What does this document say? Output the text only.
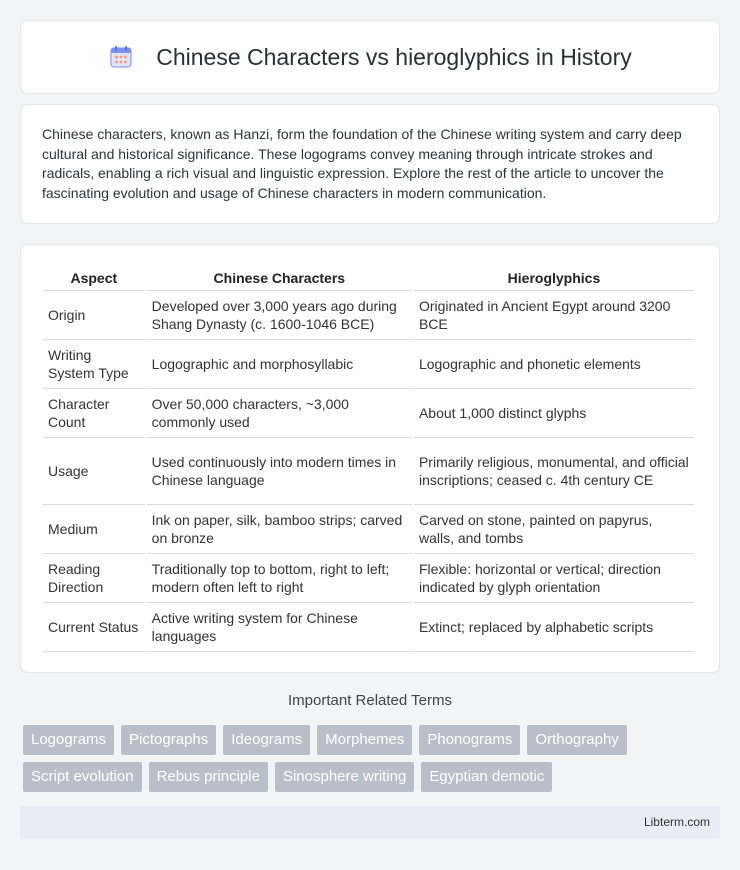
Chinese Characters vs hieroglyphics in History

Chinese characters, known as Hanzi, form the foundation of the Chinese writing system and carry deep cultural and historical significance. These logograms convey meaning through intricate strokes and radicals, enabling a rich visual and linguistic expression. Explore the rest of the article to uncover the fascinating evolution and usage of Chinese characters in modern communication.

Aspect	Chinese Characters	Hieroglyphics
Origin	Developed over 3,000 years ago during Shang Dynasty (c. 1600-1046 BCE)	Originated in Ancient Egypt around 3200 BCE
Writing System Type	Logographic and morphosyllabic	Logographic and phonetic elements
Character Count	Over 50,000 characters, ~3,000 commonly used	About 1,000 distinct glyphs
Usage	Used continuously into modern times in Chinese language	Primarily religious, monumental, and official inscriptions; ceased c. 4th century CE
Medium	Ink on paper, silk, bamboo strips; carved on bronze	Carved on stone, painted on papyrus, walls, and tombs
Reading Direction	Traditionally top to bottom, right to left; modern often left to right	Flexible: horizontal or vertical; direction indicated by glyph orientation
Current Status	Active writing system for Chinese languages	Extinct; replaced by alphabetic scripts
Important Related Terms
Logograms	Pictographs	Ideograms	Morphemes	Phonograms	Orthography
Script evolution	Rebus principle	Sinosphere writing	Egyptian demotic
Libterm.com
